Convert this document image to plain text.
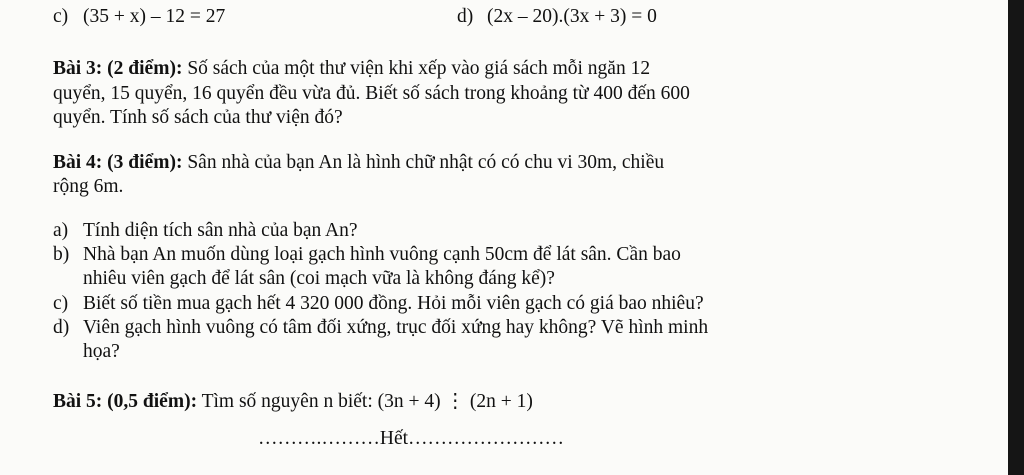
c) (35 + x) – 12 = 27	d) (2x – 20).(3x + 3) = 0
Bài 3: (2 điểm): Số sách của một thư viện khi xếp vào giá sách mỗi ngăn 12
quyển, 15 quyển, 16 quyển đều vừa đủ. Biết số sách trong khoảng từ 400 đến 600
quyển. Tính số sách của thư viện đó?
Bài 4: (3 điểm): Sân nhà của bạn An là hình chữ nhật có có chu vi 30m, chiều
rộng 6m.
a) Tính diện tích sân nhà của bạn An?
b) Nhà bạn An muốn dùng loại gạch hình vuông cạnh 50cm để lát sân. Cần bao
nhiêu viên gạch để lát sân (coi mạch vữa là không đáng kể)?
c) Biết số tiền mua gạch hết 4 320 000 đồng. Hỏi mỗi viên gạch có giá bao nhiêu?
d) Viên gạch hình vuông có tâm đối xứng, trục đối xứng hay không? Vẽ hình minh
họa?
Bài 5: (0,5 điểm): Tìm số nguyên n biết: (3n + 4) ⋮ (2n + 1)
……….………Hết……………………
